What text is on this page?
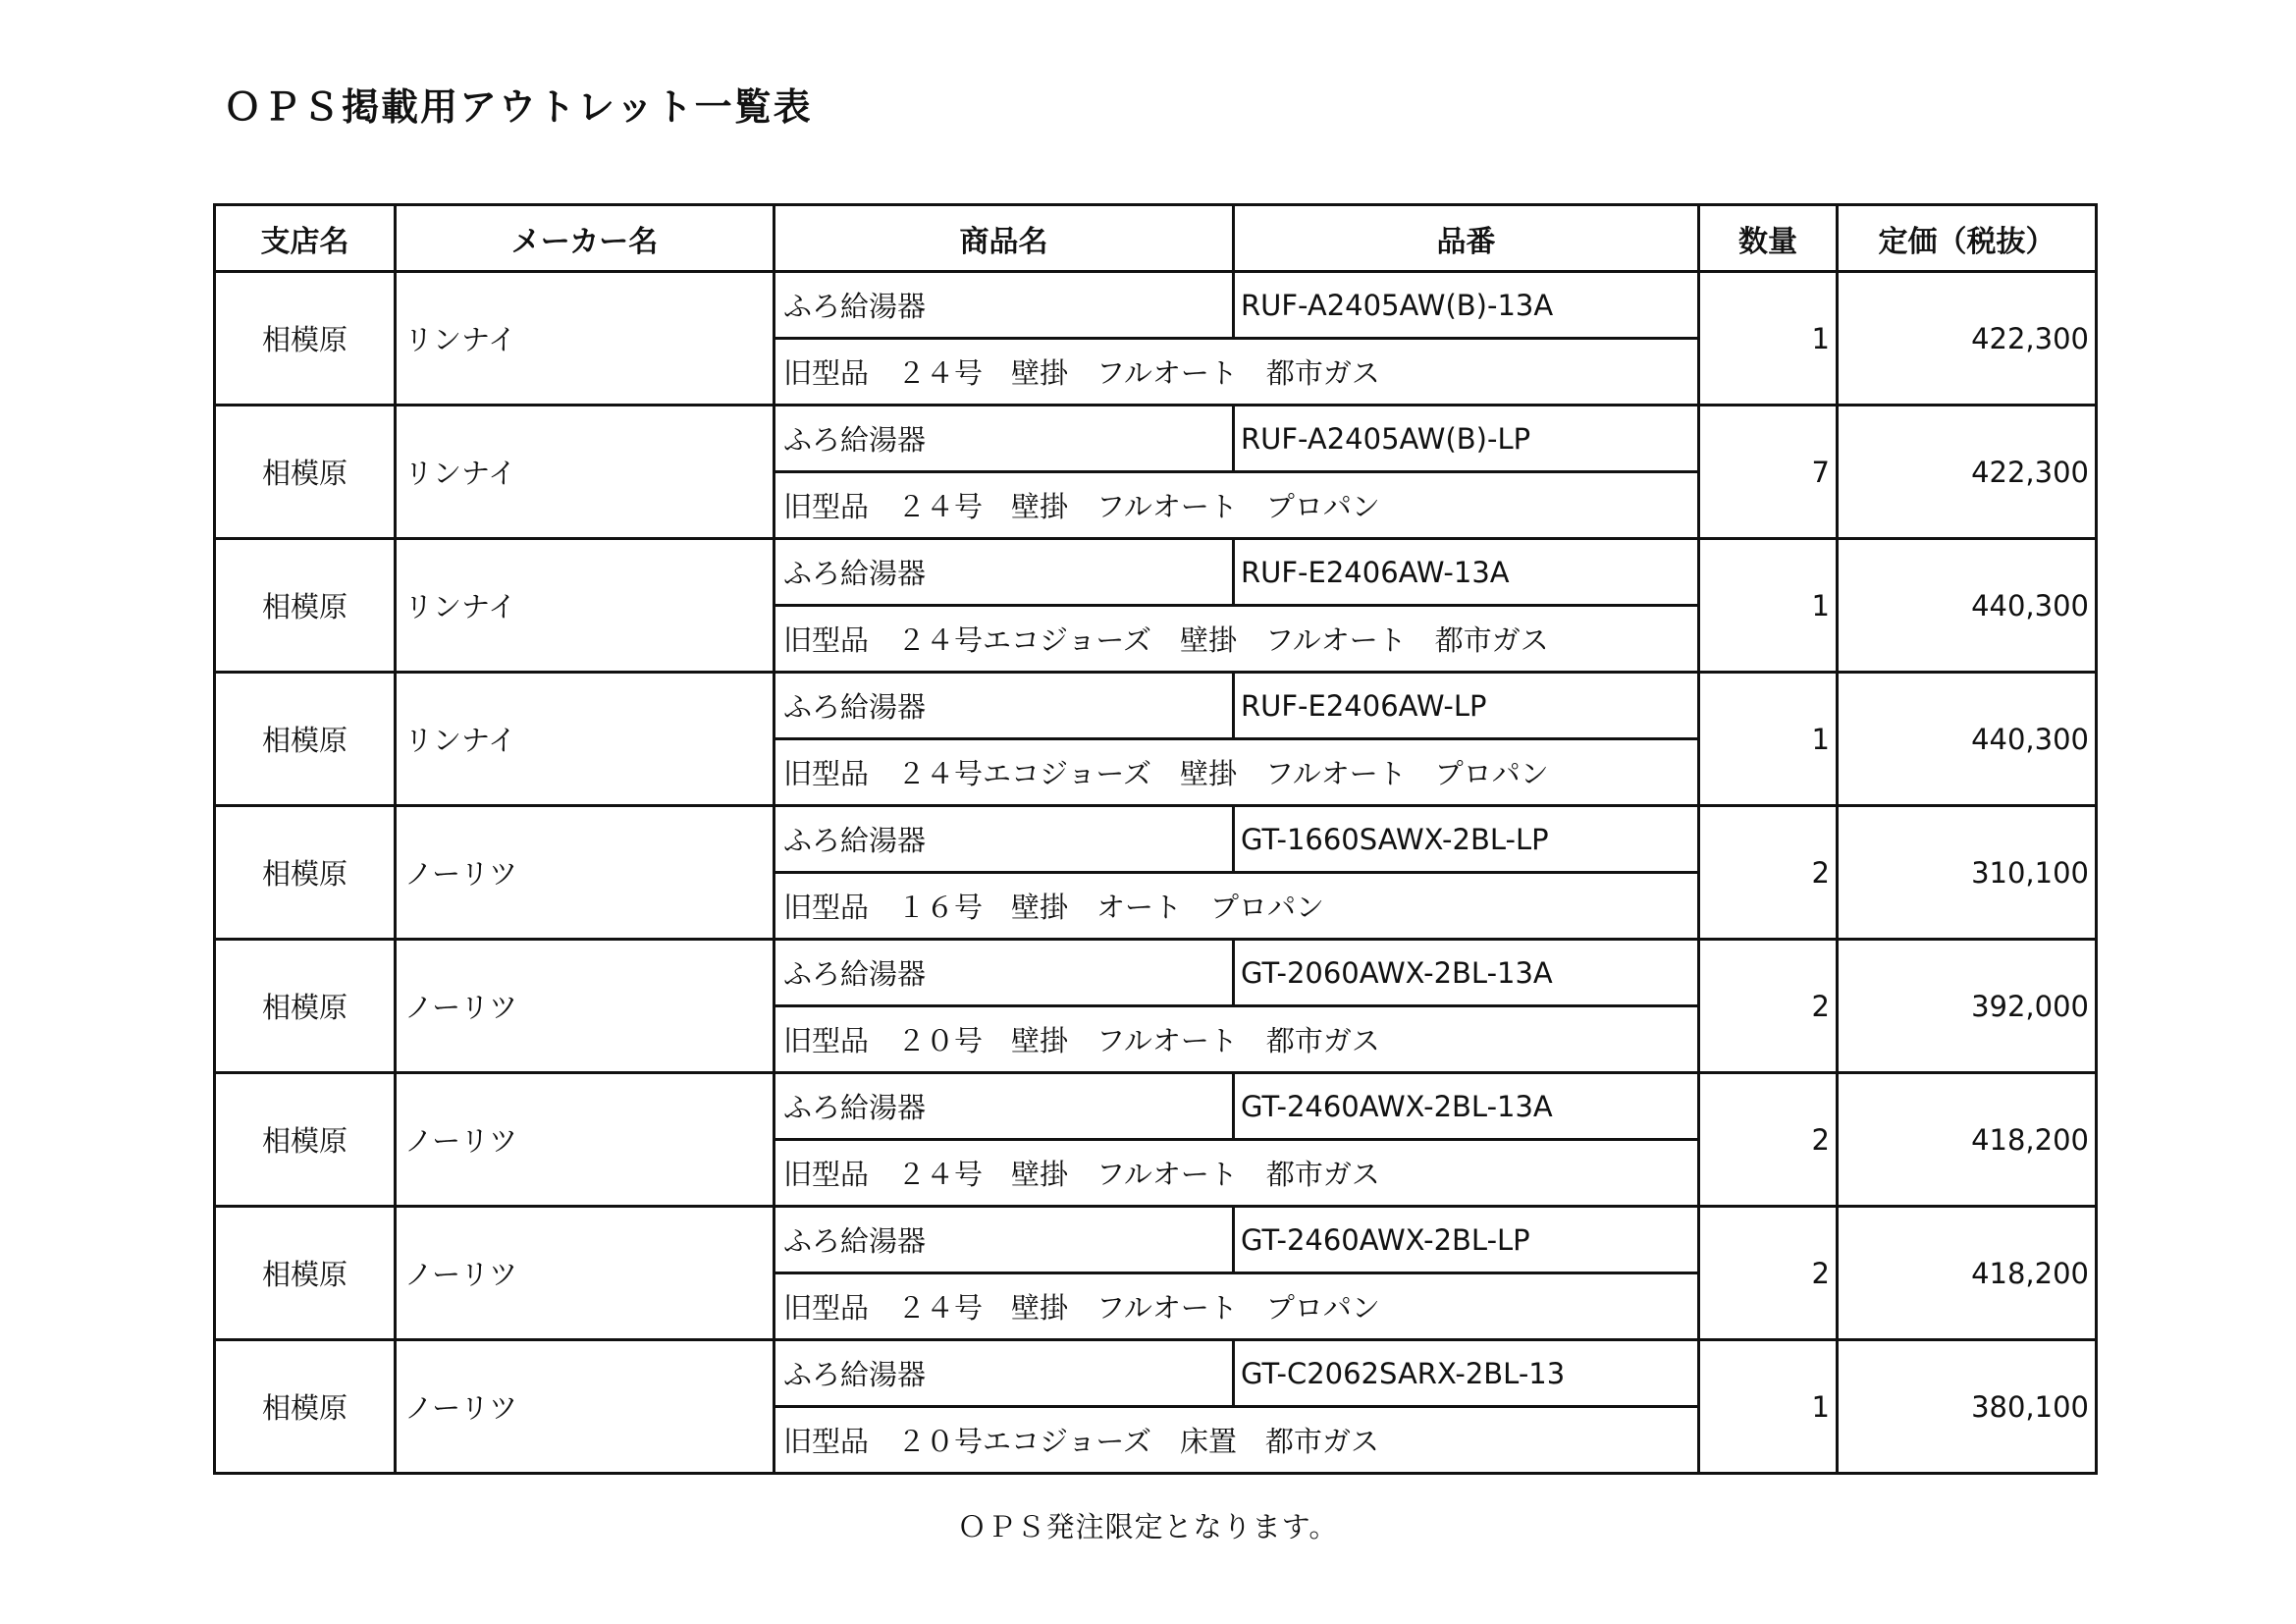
ＯＰＳ掲載用アウトレット一覧表
支店名	メーカー名	商品名	品番	数量	定価（税抜）
相模原	リンナイ	ふろ給湯器	RUF-A2405AW(B)-13A	1	422,300
		旧型品　２４号　壁掛　フルオート　都市ガス			
相模原	リンナイ	ふろ給湯器	RUF-A2405AW(B)-LP	7	422,300
		旧型品　２４号　壁掛　フルオート　プロパン			
相模原	リンナイ	ふろ給湯器	RUF-E2406AW-13A	1	440,300
		旧型品　２４号エコジョーズ　壁掛　フルオート　都市ガス			
相模原	リンナイ	ふろ給湯器	RUF-E2406AW-LP	1	440,300
		旧型品　２４号エコジョーズ　壁掛　フルオート　プロパン			
相模原	ノーリツ	ふろ給湯器	GT-1660SAWX-2BL-LP	2	310,100
		旧型品　１６号　壁掛　オート　プロパン			
相模原	ノーリツ	ふろ給湯器	GT-2060AWX-2BL-13A	2	392,000
		旧型品　２０号　壁掛　フルオート　都市ガス			
相模原	ノーリツ	ふろ給湯器	GT-2460AWX-2BL-13A	2	418,200
		旧型品　２４号　壁掛　フルオート　都市ガス			
相模原	ノーリツ	ふろ給湯器	GT-2460AWX-2BL-LP	2	418,200
		旧型品　２４号　壁掛　フルオート　プロパン			
相模原	ノーリツ	ふろ給湯器	GT-C2062SARX-2BL-13	1	380,100
		旧型品　２０号エコジョーズ　床置　都市ガス			
ＯＰＳ発注限定となります。
